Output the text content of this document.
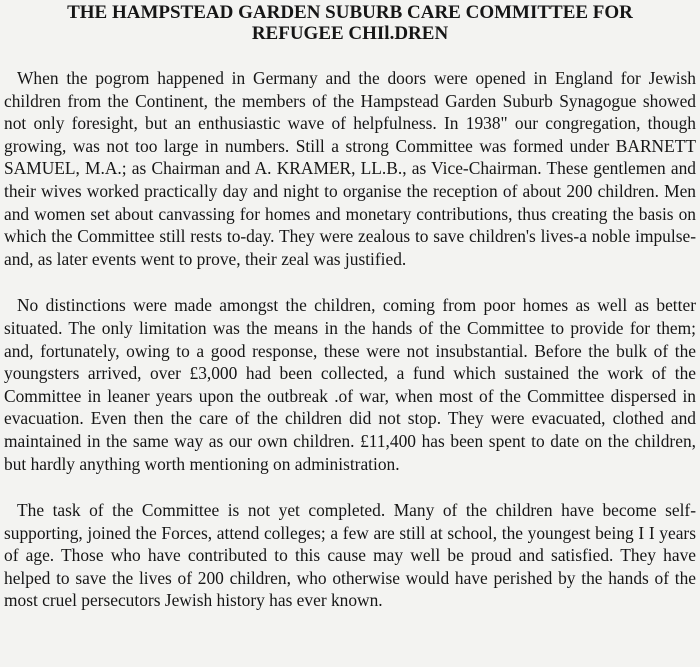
THE HAMPSTEAD GARDEN SUBURB CARE COMMITTEE FOR
REFUGEE CHIl.DREN

When the pogrom happened in Germany and the doors were opened in England for Jewish children from the Continent, the members of the Hampstead Garden Suburb Synagogue showed not only foresight, but an enthusiastic wave of helpfulness. In 1938" our congregation, though growing, was not too large in numbers. Still a strong Committee was formed under BARNETT SAMUEL, M.A.; as Chairman and A. KRAMER, LL.B., as Vice-Chairman. These gentlemen and their wives worked practically day and night to organise the reception of about 200 children. Men and women set about canvassing for homes and monetary contributions, thus creating the basis on which the Committee still rests to-day. They were zealous to save children's lives-a noble impulse-and, as later events went to prove, their zeal was justified.

No distinctions were made amongst the children, coming from poor homes as well as better situated. The only limitation was the means in the hands of the Committee to provide for them; and, fortunately, owing to a good response, these were not insubstantial. Before the bulk of the youngsters arrived, over £3,000 had been collected, a fund which sustained the work of the Committee in leaner years upon the outbreak .of war, when most of the Committee dispersed in evacuation. Even then the care of the children did not stop. They were evacuated, clothed and maintained in the same way as our own children. £11,400 has been spent to date on the children, but hardly anything worth mentioning on administration.

The task of the Committee is not yet completed. Many of the children have become self-supporting, joined the Forces, attend colleges; a few are still at school, the youngest being I I years of age. Those who have contributed to this cause may well be proud and satisfied. They have helped to save the lives of 200 children, who otherwise would have perished by the hands of the most cruel persecutors Jewish history has ever known.
